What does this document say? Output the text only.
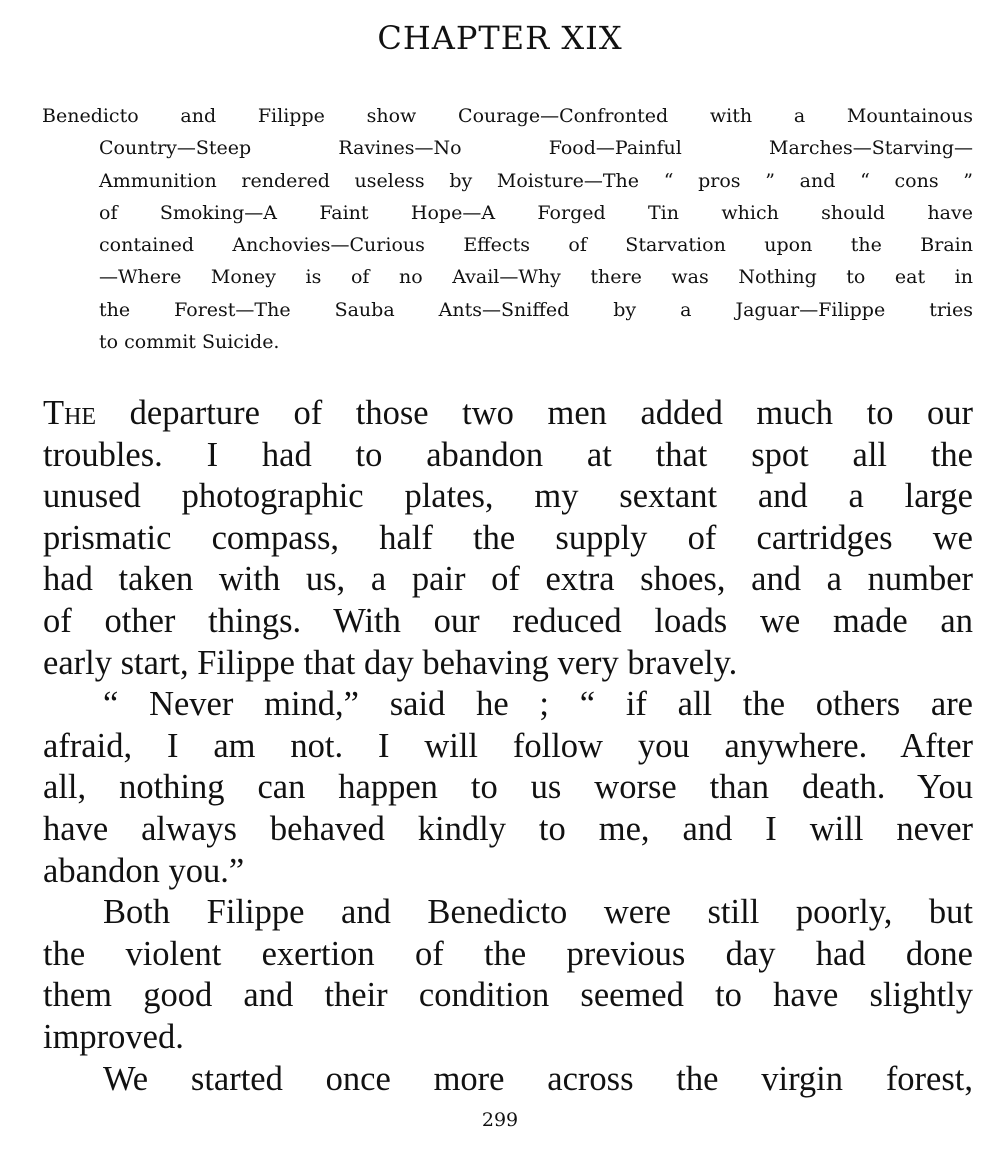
CHAPTER XIX
Benedicto and Filippe show Courage—Confronted with a Mountainous
Country—Steep Ravines—No Food—Painful Marches—Starving—
Ammunition rendered useless by Moisture—The “ pros ” and “ cons ”
of Smoking—A Faint Hope—A Forged Tin which should have
contained Anchovies—Curious Effects of Starvation upon the Brain
—Where Money is of no Avail—Why there was Nothing to eat in
the Forest—The Sauba Ants—Sniffed by a Jaguar—Filippe tries
to commit Suicide.
The departure of those two men added much to our
troubles. I had to abandon at that spot all the
unused photographic plates, my sextant and a large
prismatic compass, half the supply of cartridges we
had taken with us, a pair of extra shoes, and a number
of other things. With our reduced loads we made an
early start, Filippe that day behaving very bravely.
“ Never mind,” said he ; “ if all the others are
afraid, I am not. I will follow you anywhere. After
all, nothing can happen to us worse than death. You
have always behaved kindly to me, and I will never
abandon you.”
Both Filippe and Benedicto were still poorly, but
the violent exertion of the previous day had done
them good and their condition seemed to have slightly
improved.
We started once more across the virgin forest,
299
